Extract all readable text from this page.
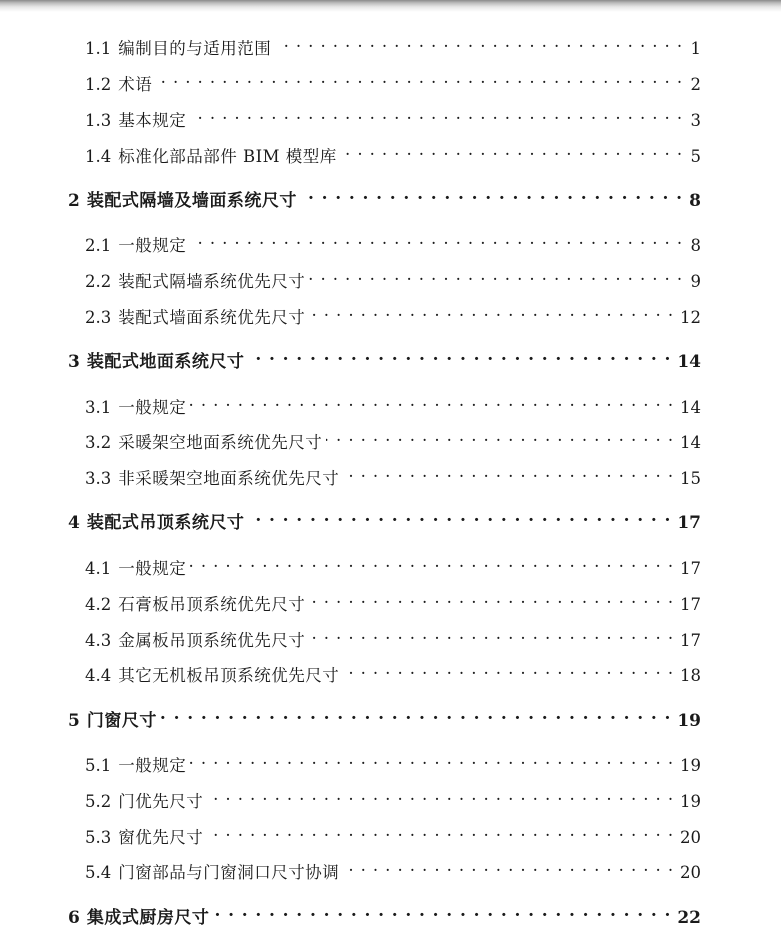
. . .
1.1 编制目的与适用范围 . . .	1
1.2 术语 . . .	2
1.3 基本规定 . . .	3
1.4 标准化部品部件 BIM 模型库 . . .	5
2 装配式隔墙及墙面系统尺寸 . . .	8
2.1 一般规定 . . .	8
2.2 装配式隔墙系统优先尺寸 . . .	9
2.3 装配式墙面系统优先尺寸 . . .	12
3 装配式地面系统尺寸 . . .	14
3.1 一般规定 . . .	14
3.2 采暖架空地面系统优先尺寸 . . .	14
3.3 非采暖架空地面系统优先尺寸 . . .	15
4 装配式吊顶系统尺寸 . . .	17
4.1 一般规定 . . .	17
4.2 石膏板吊顶系统优先尺寸 . . .	17
4.3 金属板吊顶系统优先尺寸 . . .	17
4.4 其它无机板吊顶系统优先尺寸 . . .	18
5 门窗尺寸 . . .	19
5.1 一般规定 . . .	19
5.2 门优先尺寸 . . .	19
5.3 窗优先尺寸 . . .	20
5.4 门窗部品与门窗洞口尺寸协调 . . .	20
6 集成式厨房尺寸 . . .	22
